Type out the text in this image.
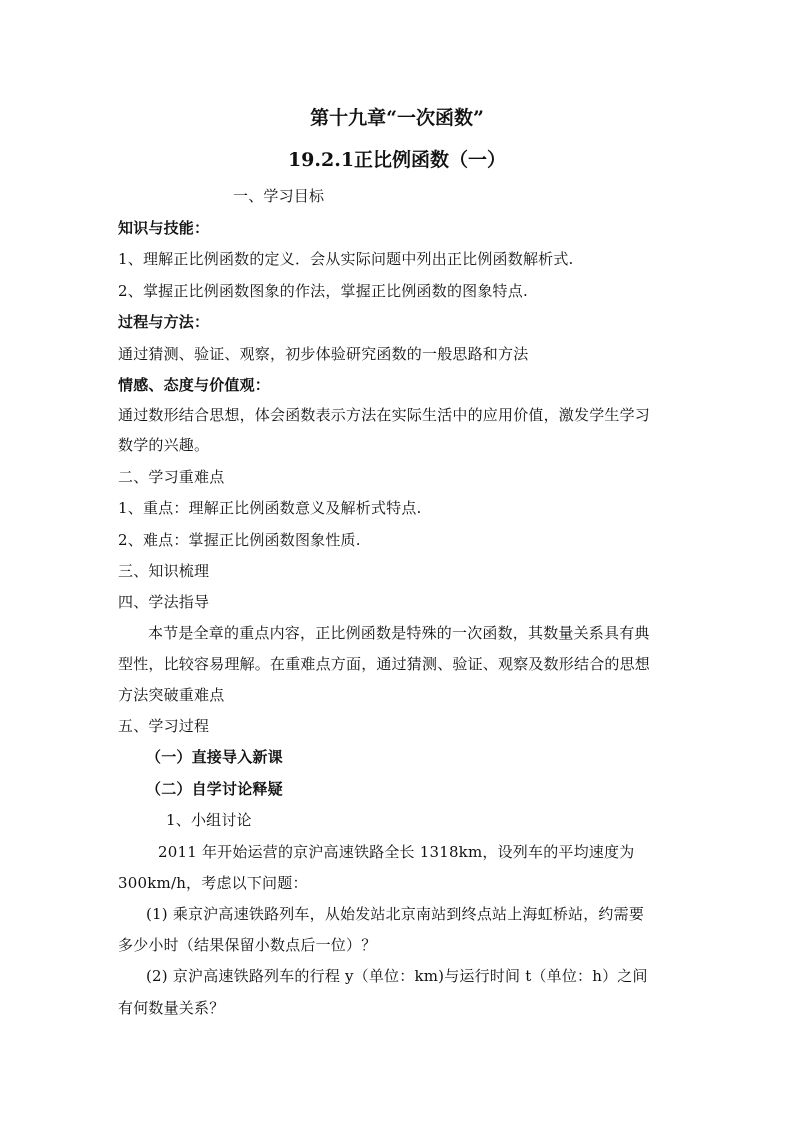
第十九章“一次函数”
19.2.1正比例函数（一）
一、学习目标
知识与技能：
1、理解正比例函数的定义．会从实际问题中列出正比例函数解析式.
2、掌握正比例函数图象的作法，掌握正比例函数的图象特点.
过程与方法：
通过猜测、验证、观察，初步体验研究函数的一般思路和方法
情感、态度与价值观：
通过数形结合思想，体会函数表示方法在实际生活中的应用价值，激发学生学习
数学的兴趣。
二、学习重难点
1、重点：理解正比例函数意义及解析式特点.
2、难点：掌握正比例函数图象性质.
三、知识梳理
四、学法指导
本节是全章的重点内容，正比例函数是特殊的一次函数，其数量关系具有典
型性，比较容易理解。在重难点方面，通过猜测、验证、观察及数形结合的思想
方法突破重难点
五、学习过程
（一）直接导入新课
（二）自学讨论释疑
1、小组讨论
2011 年开始运营的京沪高速铁路全长 1318km，设列车的平均速度为
300km/h，考虑以下问题：
(1) 乘京沪高速铁路列车，从始发站北京南站到终点站上海虹桥站，约需要
多少小时（结果保留小数点后一位）？
(2) 京沪高速铁路列车的行程 y（单位：km)与运行时间 t（单位：h）之间
有何数量关系？
